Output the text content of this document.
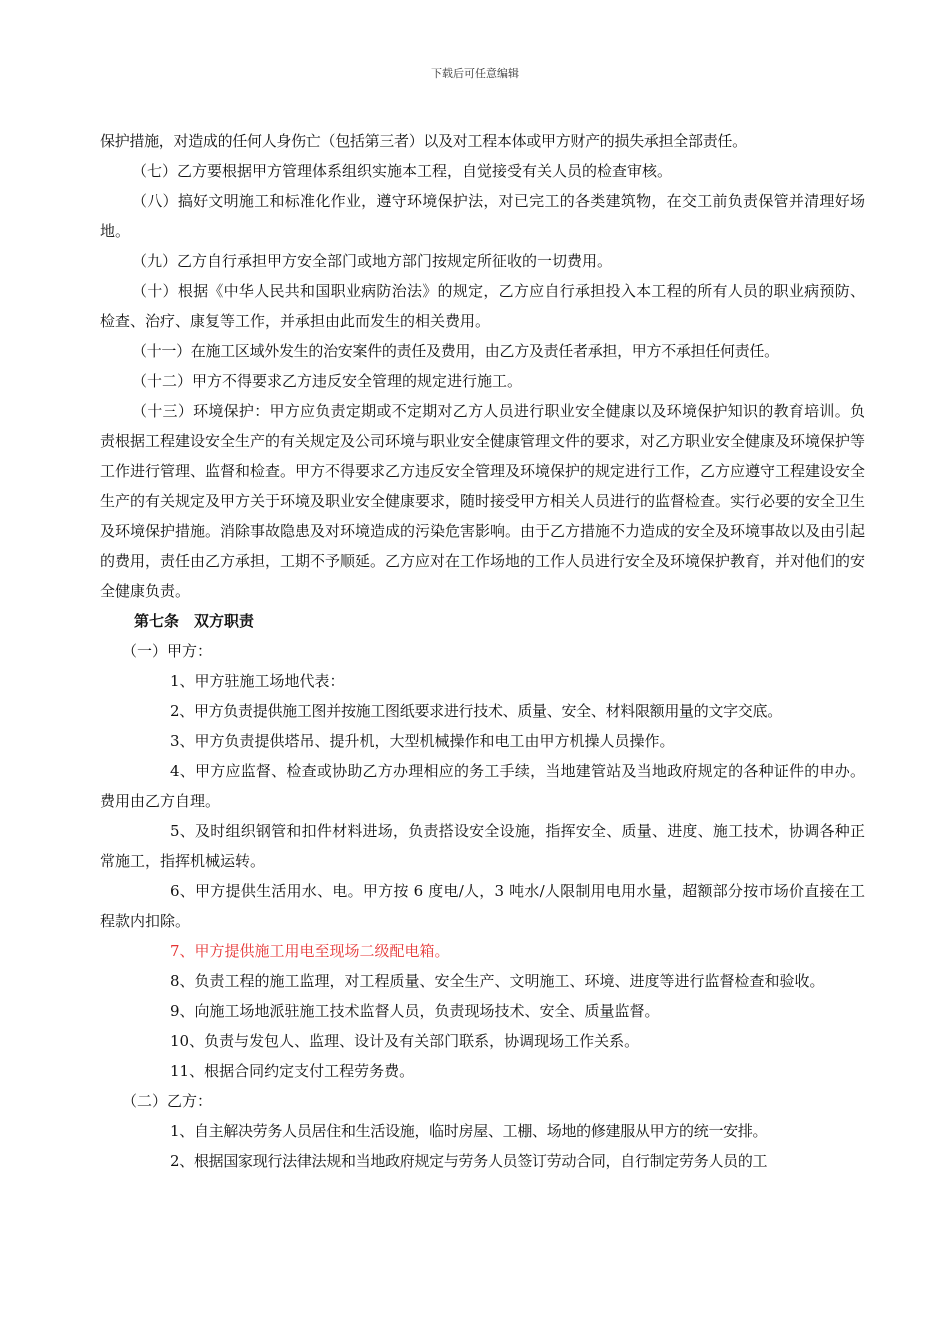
下载后可任意编辑

保护措施，对造成的任何人身伤亡（包括第三者）以及对工程本体或甲方财产的损失承担全部责任。

（七）乙方要根据甲方管理体系组织实施本工程，自觉接受有关人员的检查审核。

（八）搞好文明施工和标准化作业，遵守环境保护法，对已完工的各类建筑物，在交工前负责保管并清理好场地。

（九）乙方自行承担甲方安全部门或地方部门按规定所征收的一切费用。

（十）根据《中华人民共和国职业病防治法》的规定，乙方应自行承担投入本工程的所有人员的职业病预防、检查、治疗、康复等工作，并承担由此而发生的相关费用。

（十一）在施工区域外发生的治安案件的责任及费用，由乙方及责任者承担，甲方不承担任何责任。

（十二）甲方不得要求乙方违反安全管理的规定进行施工。

（十三）环境保护：甲方应负责定期或不定期对乙方人员进行职业安全健康以及环境保护知识的教育培训。负责根据工程建设安全生产的有关规定及公司环境与职业安全健康管理文件的要求，对乙方职业安全健康及环境保护等工作进行管理、监督和检查。甲方不得要求乙方违反安全管理及环境保护的规定进行工作，乙方应遵守工程建设安全生产的有关规定及甲方关于环境及职业安全健康要求，随时接受甲方相关人员进行的监督检查。实行必要的安全卫生及环境保护措施。消除事故隐患及对环境造成的污染危害影响。由于乙方措施不力造成的安全及环境事故以及由引起的费用，责任由乙方承担，工期不予顺延。乙方应对在工作场地的工作人员进行安全及环境保护教育，并对他们的安全健康负责。

第七条　双方职责

（一）甲方：

1、甲方驻施工场地代表：

2、甲方负责提供施工图并按施工图纸要求进行技术、质量、安全、材料限额用量的文字交底。

3、甲方负责提供塔吊、提升机，大型机械操作和电工由甲方机操人员操作。

4、甲方应监督、检查或协助乙方办理相应的务工手续，当地建管站及当地政府规定的各种证件的申办。费用由乙方自理。

5、及时组织钢管和扣件材料进场，负责搭设安全设施，指挥安全、质量、进度、施工技术，协调各种正常施工，指挥机械运转。

6、甲方提供生活用水、电。甲方按 6 度电/人，3 吨水/人限制用电用水量，超额部分按市场价直接在工程款内扣除。

7、甲方提供施工用电至现场二级配电箱。

8、负责工程的施工监理，对工程质量、安全生产、文明施工、环境、进度等进行监督检查和验收。

9、向施工场地派驻施工技术监督人员，负责现场技术、安全、质量监督。

10、负责与发包人、监理、设计及有关部门联系，协调现场工作关系。

11、根据合同约定支付工程劳务费。

（二）乙方：

1、自主解决劳务人员居住和生活设施，临时房屋、工棚、场地的修建服从甲方的统一安排。

2、根据国家现行法律法规和当地政府规定与劳务人员签订劳动合同，自行制定劳务人员的工
